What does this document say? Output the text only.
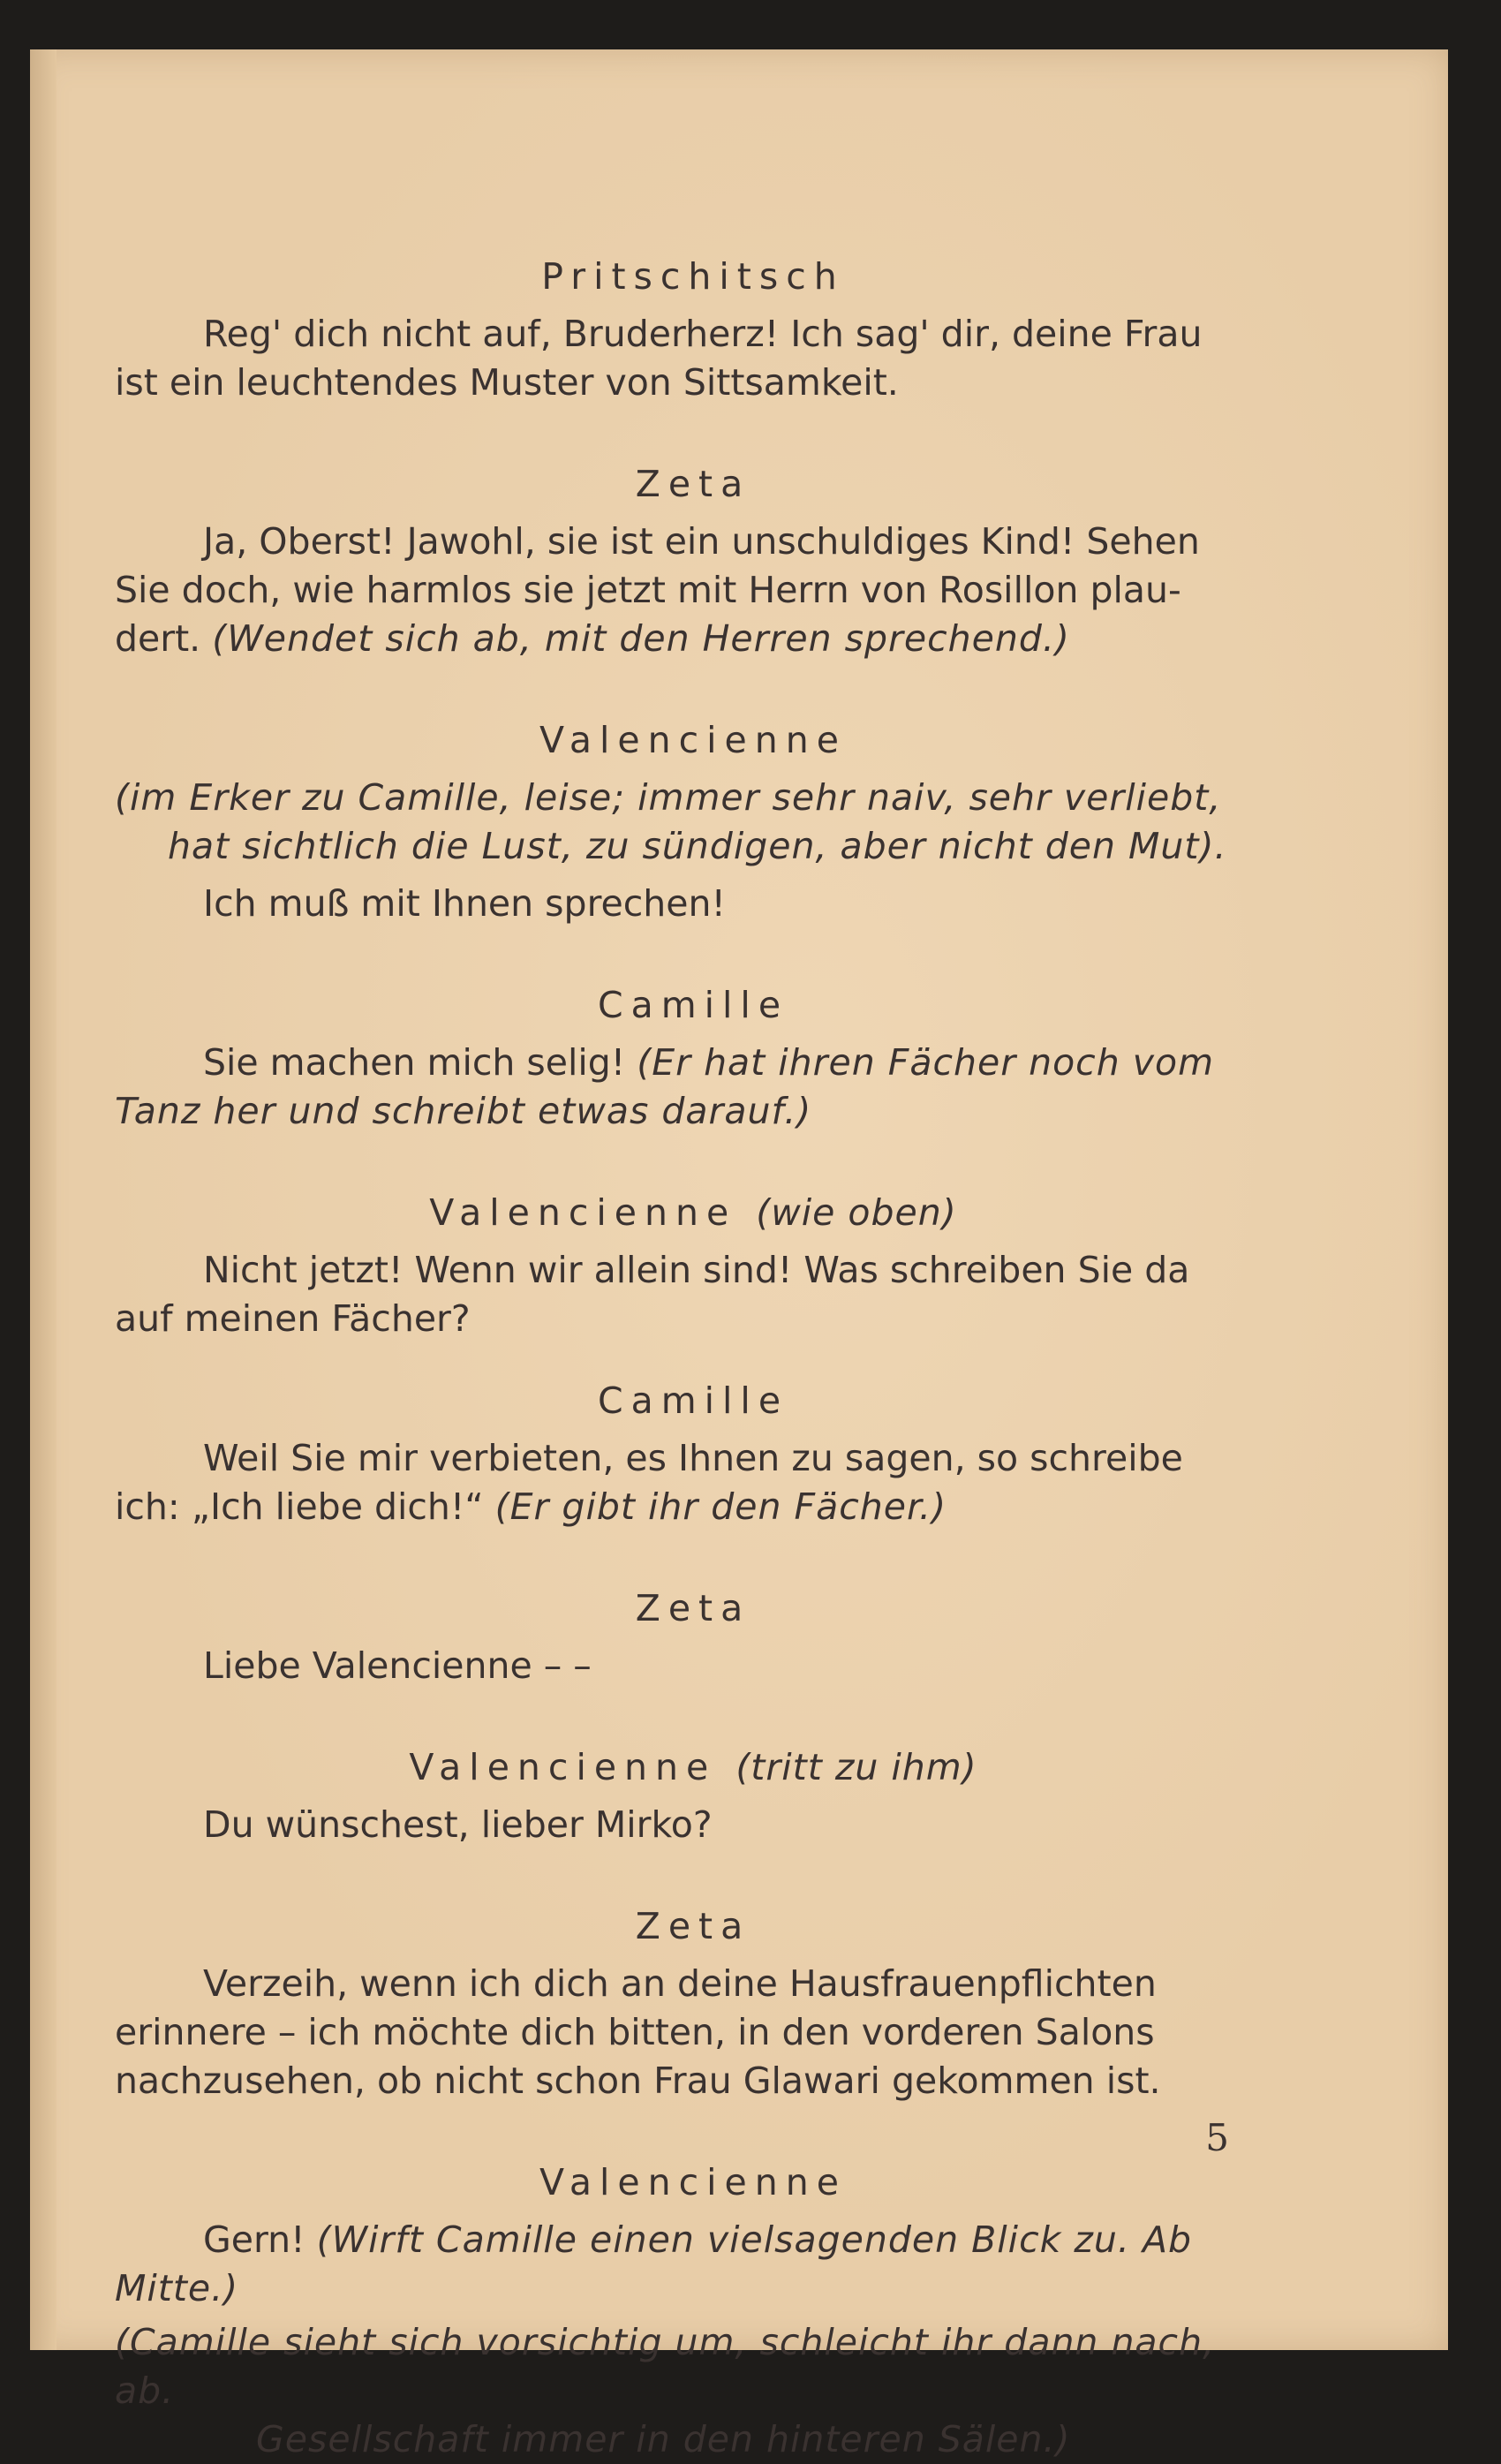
Pritschitsch
Reg' dich nicht auf, Bruderherz! Ich sag' dir, deine Frau
ist ein leuchtendes Muster von Sittsamkeit.
Zeta
Ja, Oberst! Jawohl, sie ist ein unschuldiges Kind! Sehen
Sie doch, wie harmlos sie jetzt mit Herrn von Rosillon plau-
dert. (Wendet sich ab, mit den Herren sprechend.)
Valencienne
(im Erker zu Camille, leise; immer sehr naiv, sehr verliebt,
hat sichtlich die Lust, zu sündigen, aber nicht den Mut).
Ich muß mit Ihnen sprechen!
Camille
Sie machen mich selig! (Er hat ihren Fächer noch vom
Tanz her und schreibt etwas darauf.)
Valencienne (wie oben)
Nicht jetzt! Wenn wir allein sind! Was schreiben Sie da
auf meinen Fächer?
Camille
Weil Sie mir verbieten, es Ihnen zu sagen, so schreibe
ich: „Ich liebe dich!“ (Er gibt ihr den Fächer.)
Zeta
Liebe Valencienne – –
Valencienne (tritt zu ihm)
Du wünschest, lieber Mirko?
Zeta
Verzeih, wenn ich dich an deine Hausfrauenpflichten
erinnere – ich möchte dich bitten, in den vorderen Salons
nachzusehen, ob nicht schon Frau Glawari gekommen ist.
Valencienne
Gern! (Wirft Camille einen vielsagenden Blick zu. Ab
Mitte.)
(Camille sieht sich vorsichtig um, schleicht ihr dann nach, ab.
Gesellschaft immer in den hinteren Sälen.)
5
